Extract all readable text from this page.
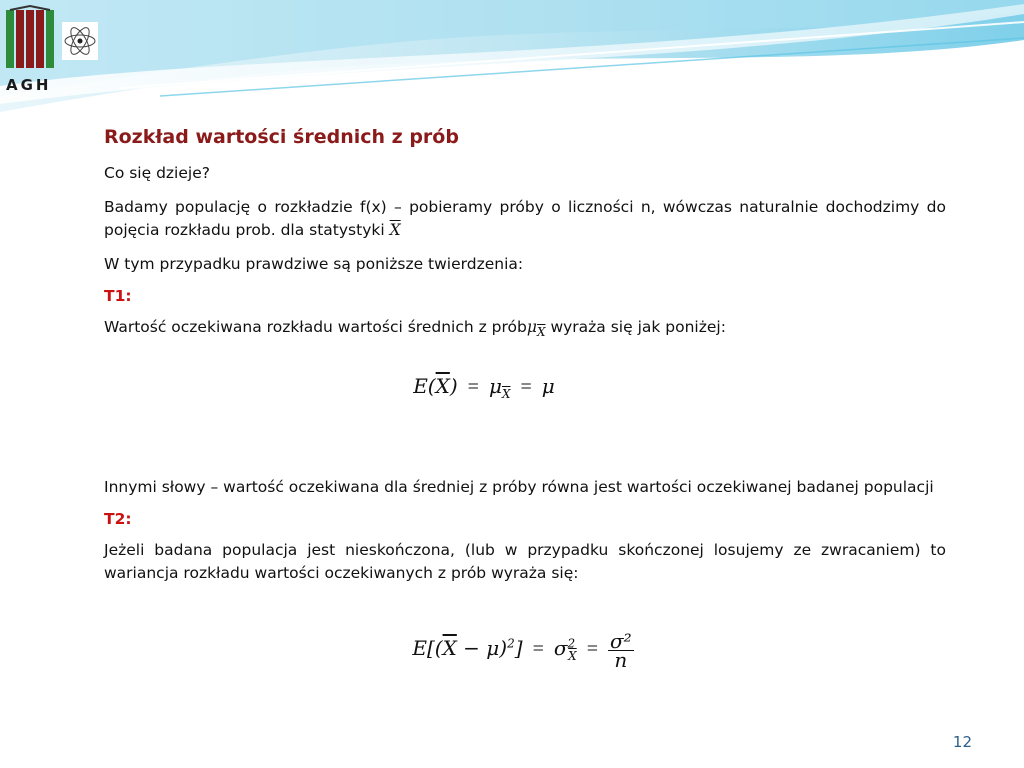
AGH
Rozkład wartości średnich z prób

Co się dzieje?

Badamy populację o rozkładzie f(x) – pobieramy próby o liczności n, wówczas naturalnie dochodzimy do pojęcia rozkładu prob. dla statystyki $\overline{X}$

W tym przypadku prawdziwe są poniższe twierdzenia:

T1:

Wartość oczekiwana rozkładu wartości średnich z próbμ$_{\overline{X}}$ wyraża się jak poniżej:

$E(\overline{X}) = \mu_{\overline{X}} = \mu$

Innymi słowy – wartość oczekiwana dla średniej z próby równa jest wartości oczekiwanej badanej populacji

T2:

Jeżeli badana populacja jest nieskończona, (lub w przypadku skończonej losujemy ze zwracaniem) to wariancja rozkładu wartości oczekiwanych z prób wyraża się:

$E[(\overline{X} - \mu)^2] = \sigma^2_{\overline{X}} = \frac{\text{σ²}}{n}$
12
